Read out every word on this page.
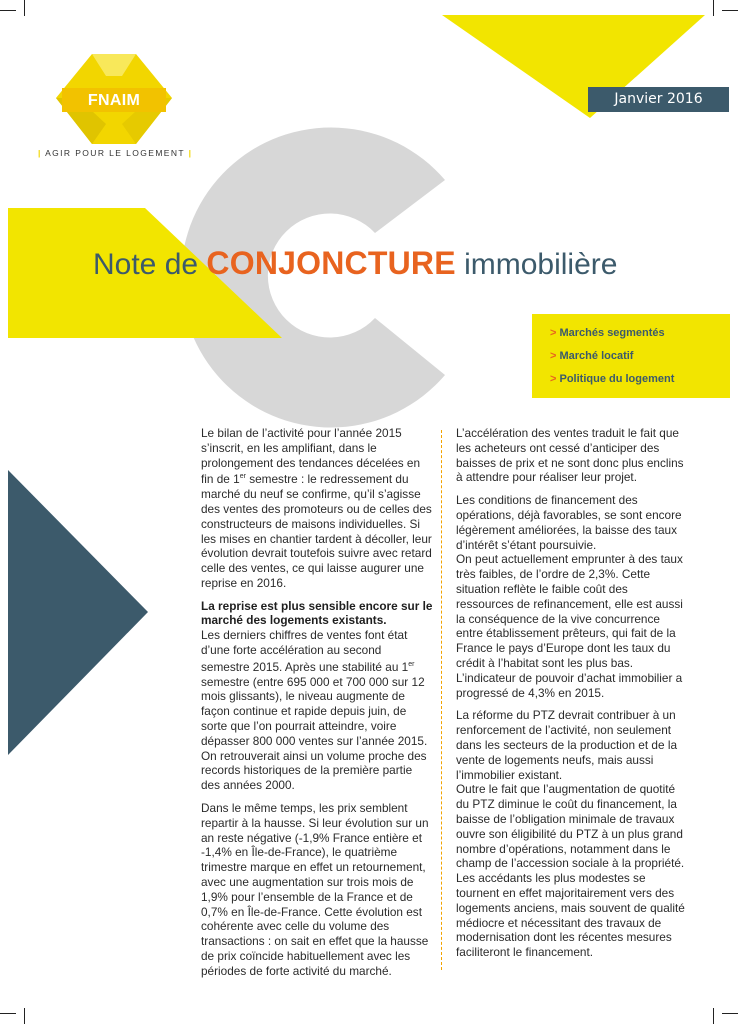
FNAIM
| AGIR POUR LE LOGEMENT |
Janvier 2016
Note de CONJONCTURE immobilière
> Marchés segmentés
> Marché locatif
> Politique du logement

Le bilan de l’activité pour l’année 2015 s’inscrit, en les amplifiant, dans le prolongement des tendances décelées en fin de 1er semestre : le redressement du marché du neuf se confirme, qu’il s’agisse des ventes des promoteurs ou de celles des constructeurs de maisons individuelles. Si les mises en chantier tardent à décoller, leur évolution devrait toutefois suivre avec retard celle des ventes, ce qui laisse augurer une reprise en 2016.

La reprise est plus sensible encore sur le marché des logements existants.

Les derniers chiffres de ventes font état d’une forte accélération au second semestre 2015. Après une stabilité au 1er semestre (entre 695 000 et 700 000 sur 12 mois glissants), le niveau augmente de façon continue et rapide depuis juin, de sorte que l’on pourrait atteindre, voire dépasser 800 000 ventes sur l’année 2015. On retrouverait ainsi un volume proche des records historiques de la première partie des années 2000.

Dans le même temps, les prix semblent repartir à la hausse. Si leur évolution sur un an reste négative (-1,9% France entière et -1,4% en Île-de-France), le quatrième trimestre marque en effet un retournement, avec une augmentation sur trois mois de 1,9% pour l’ensemble de la France et de 0,7% en Île-de-France. Cette évolution est cohérente avec celle du volume des transactions : on sait en effet que la hausse de prix coïncide habituellement avec les périodes de forte activité du marché.

L’accélération des ventes traduit le fait que les acheteurs ont cessé d’anticiper des baisses de prix et ne sont donc plus enclins à attendre pour réaliser leur projet.

Les conditions de financement des opérations, déjà favorables, se sont encore légèrement améliorées, la baisse des taux d’intérêt s’étant poursuivie.

On peut actuellement emprunter à des taux très faibles, de l’ordre de 2,3%. Cette situation reflète le faible coût des ressources de refinancement, elle est aussi la conséquence de la vive concurrence entre établissement prêteurs, qui fait de la France le pays d’Europe dont les taux du crédit à l’habitat sont les plus bas. L’indicateur de pouvoir d’achat immobilier a progressé de 4,3% en 2015.

La réforme du PTZ devrait contribuer à un renforcement de l’activité, non seulement dans les secteurs de la production et de la vente de logements neufs, mais aussi l’immobilier existant.

Outre le fait que l’augmentation de quotité du PTZ diminue le coût du financement, la baisse de l’obligation minimale de travaux ouvre son éligibilité du PTZ à un plus grand nombre d’opérations, notamment dans le champ de l’accession sociale à la propriété.

Les accédants les plus modestes se tournent en effet majoritairement vers des logements anciens, mais souvent de qualité médiocre et nécessitant des travaux de modernisation dont les récentes mesures faciliteront le financement.
